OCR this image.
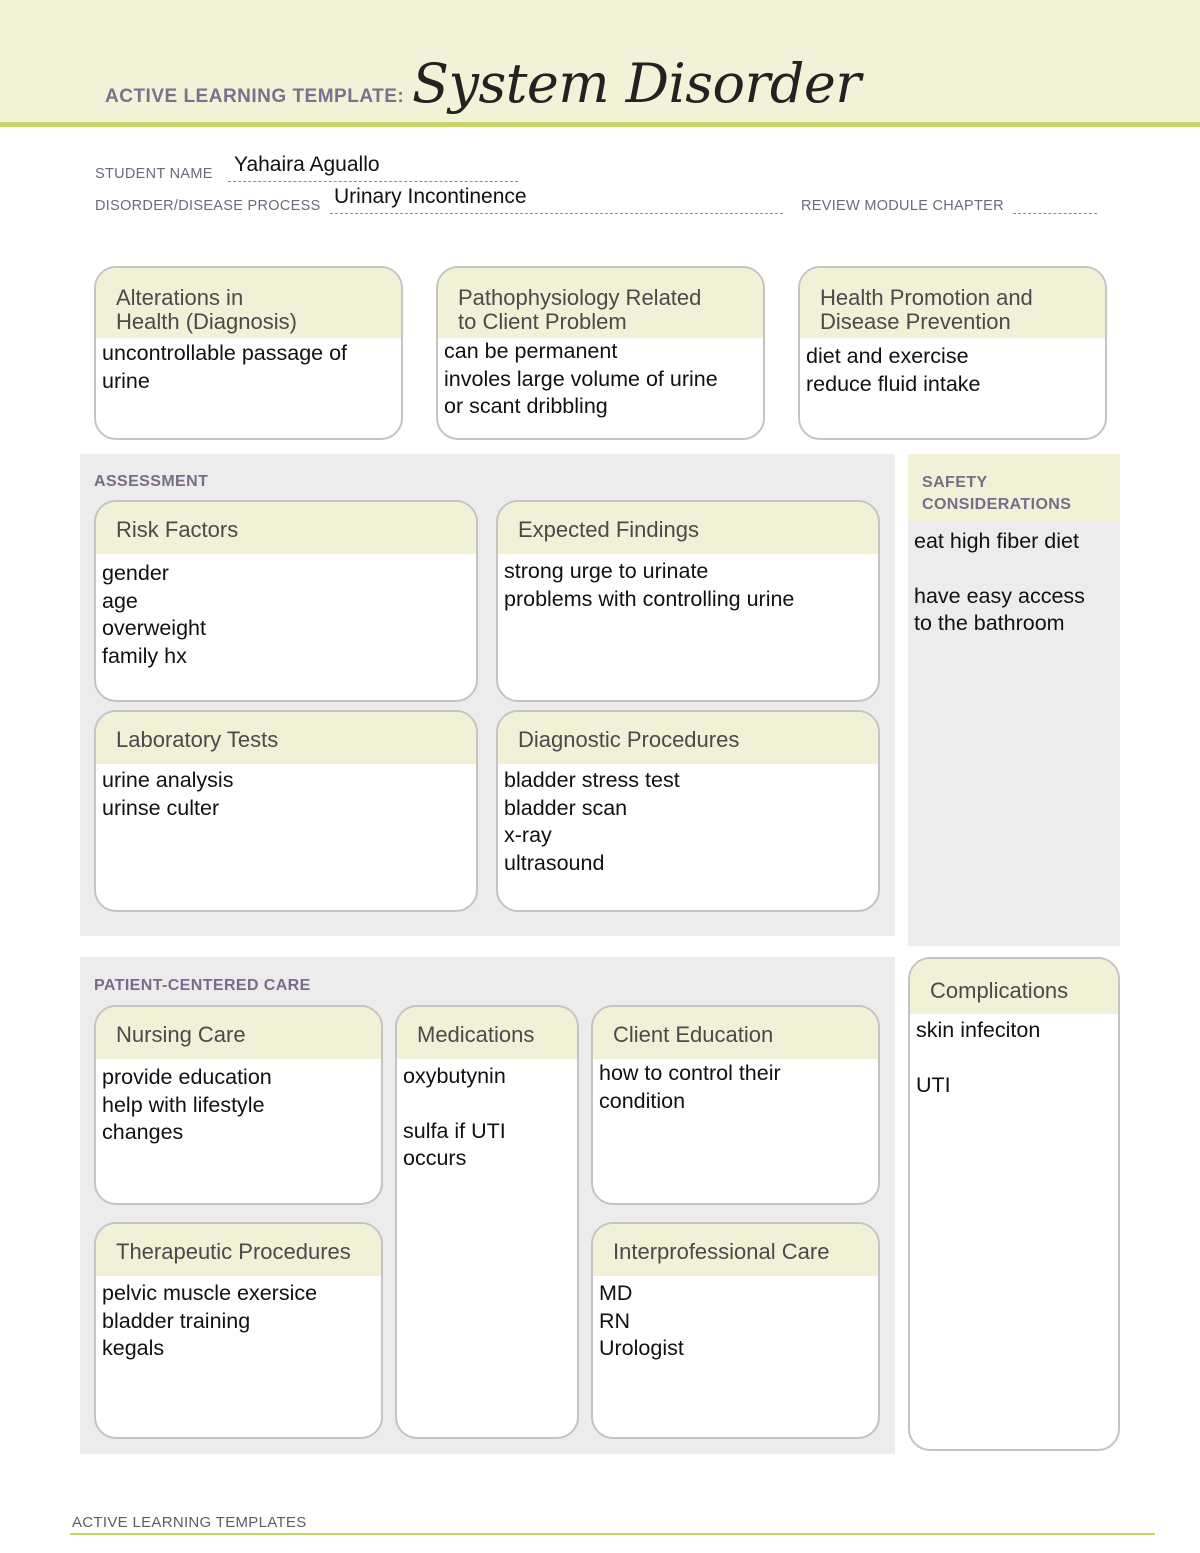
ACTIVE LEARNING TEMPLATE: System Disorder
STUDENT NAME Yahaira Aguallo
DISORDER/DISEASE PROCESS Urinary Incontinence	REVIEW MODULE CHAPTER
Alterations in
Health (Diagnosis)
uncontrollable passage of
urine
Pathophysiology Related
to Client Problem
can be permanent
involes large volume of urine
or scant dribbling
Health Promotion and
Disease Prevention
diet and exercise
reduce fluid intake
ASSESSMENT
Risk Factors
gender
age
overweight
family hx
Expected Findings
strong urge to urinate
problems with controlling urine
Laboratory Tests
urine analysis
urinse culter
Diagnostic Procedures
bladder stress test
bladder scan
x-ray
ultrasound
SAFETY
CONSIDERATIONS
eat high fiber diet
have easy access
to the bathroom
PATIENT-CENTERED CARE
Nursing Care
provide education
help with lifestyle
changes
Medications
oxybutynin
sulfa if UTI
occurs
Client Education
how to control their
condition
Therapeutic Procedures
pelvic muscle exersice
bladder training
kegals
Interprofessional Care
MD
RN
Urologist
Complications
skin infeciton
UTI
ACTIVE LEARNING TEMPLATES
